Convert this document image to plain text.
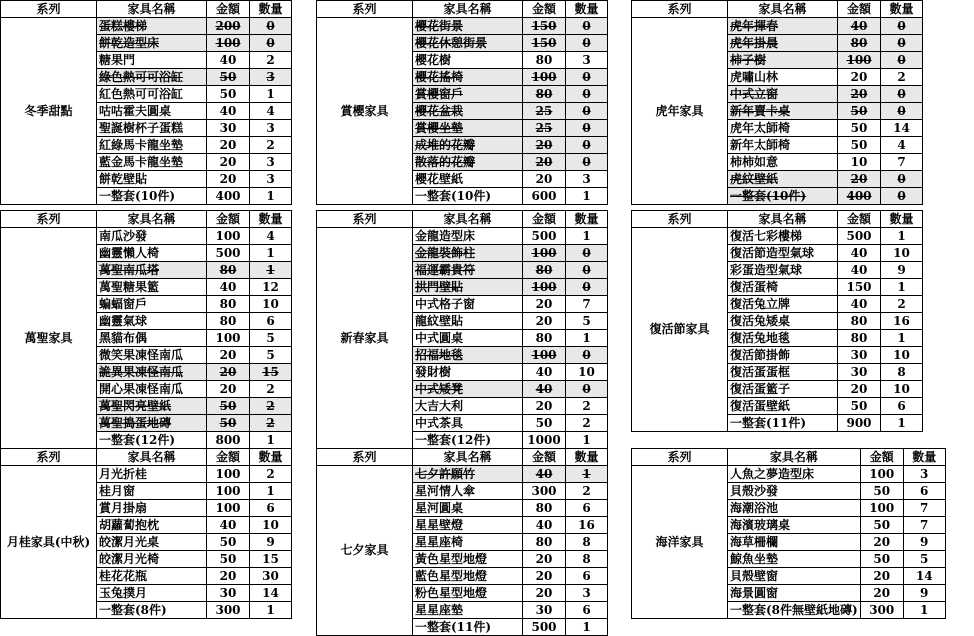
系列	家具名稱	金額	數量
冬季甜點	蛋糕樓梯	200	0
	餅乾造型床	100	0
	糖果門	40	2
	綠色熱可可浴缸	50	3
	紅色熱可可浴缸	50	1
	咕咕霍夫圓桌	40	4
	聖誕樹杯子蛋糕	30	3
	紅綠馬卡龍坐墊	20	2
	藍金馬卡龍坐墊	20	3
	餅乾壁貼	20	3
	一整套(10件)	400	1
系列	家具名稱	金額	數量
賞櫻家具	櫻花街景	150	0
	櫻花休憩街景	150	0
	櫻花樹	80	3
	櫻花搖椅	100	0
	賞櫻窗戶	80	0
	櫻花盆栽	25	0
	賞櫻坐墊	25	0
	成堆的花瓣	20	0
	散落的花瓣	20	0
	櫻花壁紙	20	3
	一整套(10件)	600	1
系列	家具名稱	金額	數量
虎年家具	虎年揮春	40	0
	虎年掛晨	80	0
	柿子樹	100	0
	虎嘯山林	20	2
	中式立窗	20	0
	新年賣卡桌	50	0
	虎年太師椅	50	14
	新年太師椅	50	4
	柿柿如意	10	7
	虎紋壁紙	20	0
	一整套(10件)	400	0
系列	家具名稱	金額	數量
萬聖家具	南瓜沙發	100	4
	幽靈懶人椅	500	1
	萬聖南瓜塔	80	1
	萬聖糖果籃	40	12
	蝙蝠窗戶	80	10
	幽靈氣球	80	6
	黑貓布偶	100	5
	微笑果凍怪南瓜	20	5
	詭異果凍怪南瓜	20	15
	開心果凍怪南瓜	20	2
	萬聖閃亮壁紙	50	2
	萬聖搗蛋地磚	50	2
	一整套(12件)	800	1
系列	家具名稱	金額	數量
新春家具	金龍造型床	500	1
	金龍裝飾柱	100	0
	福運霸貴符	80	0
	拱門壁貼	100	0
	中式格子窗	20	7
	龍紋壁貼	20	5
	中式圓桌	80	1
	招福地毯	100	0
	發財樹	40	10
	中式矮凳	40	0
	大吉大利	20	2
	中式茶具	50	2
	一整套(12件)	1000	1
系列	家具名稱	金額	數量
復活節家具	復活七彩樓梯	500	1
	復活節造型氣球	40	10
	彩蛋造型氣球	40	9
	復活蛋椅	150	1
	復活兔立牌	40	2
	復活兔矮桌	80	16
	復活兔地毯	80	1
	復活節掛飾	30	10
	復活蛋蛋框	30	8
	復活蛋籃子	20	10
	復活蛋壁紙	50	6
	一整套(11件)	900	1
系列	家具名稱	金額	數量
月桂家具(中秋)	月光折桂	100	2
	桂月窗	100	1
	賞月掛扇	100	6
	胡蘿蔔抱枕	40	10
	皎潔月光桌	50	9
	皎潔月光椅	50	15
	桂花花瓶	20	30
	玉兔撲月	30	14
	一整套(8件)	300	1
系列	家具名稱	金額	數量
七夕家具	七夕許願竹	40	1
	星河情人傘	300	2
	星河圓桌	80	6
	星星壁燈	40	16
	星星座椅	80	8
	黃色星型地燈	20	8
	藍色星型地燈	20	6
	粉色星型地燈	20	3
	星星座墊	30	6
	一整套(11件)	500	1
系列	家具名稱	金額	數量
海洋家具	人魚之夢造型床	100	3
	貝殼沙發	50	6
	海潮浴池	100	7
	海濱玻璃桌	50	7
	海草柵欄	20	9
	鯨魚坐墊	50	5
	貝殼壁窗	20	14
	海景圓窗	20	9
	一整套(8件無壁紙地磚)	300	1
